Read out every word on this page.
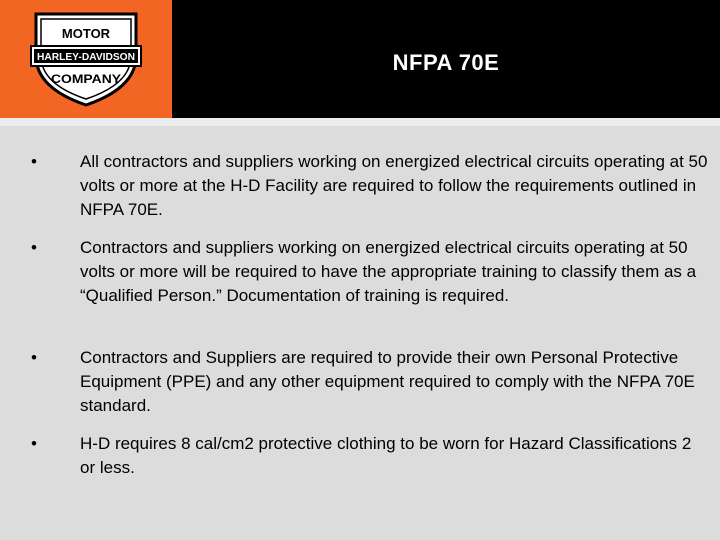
MOTOR
HARLEY-DAVIDSON
COMPANY
NFPA 70E
•	All contractors and suppliers working on energized electrical circuits operating at 50 volts or more at the H-D Facility are required to follow the requirements outlined in NFPA 70E.
•	Contractors and suppliers working on energized electrical circuits operating at 50 volts or more will be required to have the appropriate training to classify them as a “Qualified Person.” Documentation of training is required.
•	Contractors and Suppliers are required to provide their own Personal Protective Equipment (PPE) and any other equipment required to comply with the NFPA 70E standard.
•	H-D requires 8 cal/cm2 protective clothing to be worn for Hazard Classifications 2 or less.
